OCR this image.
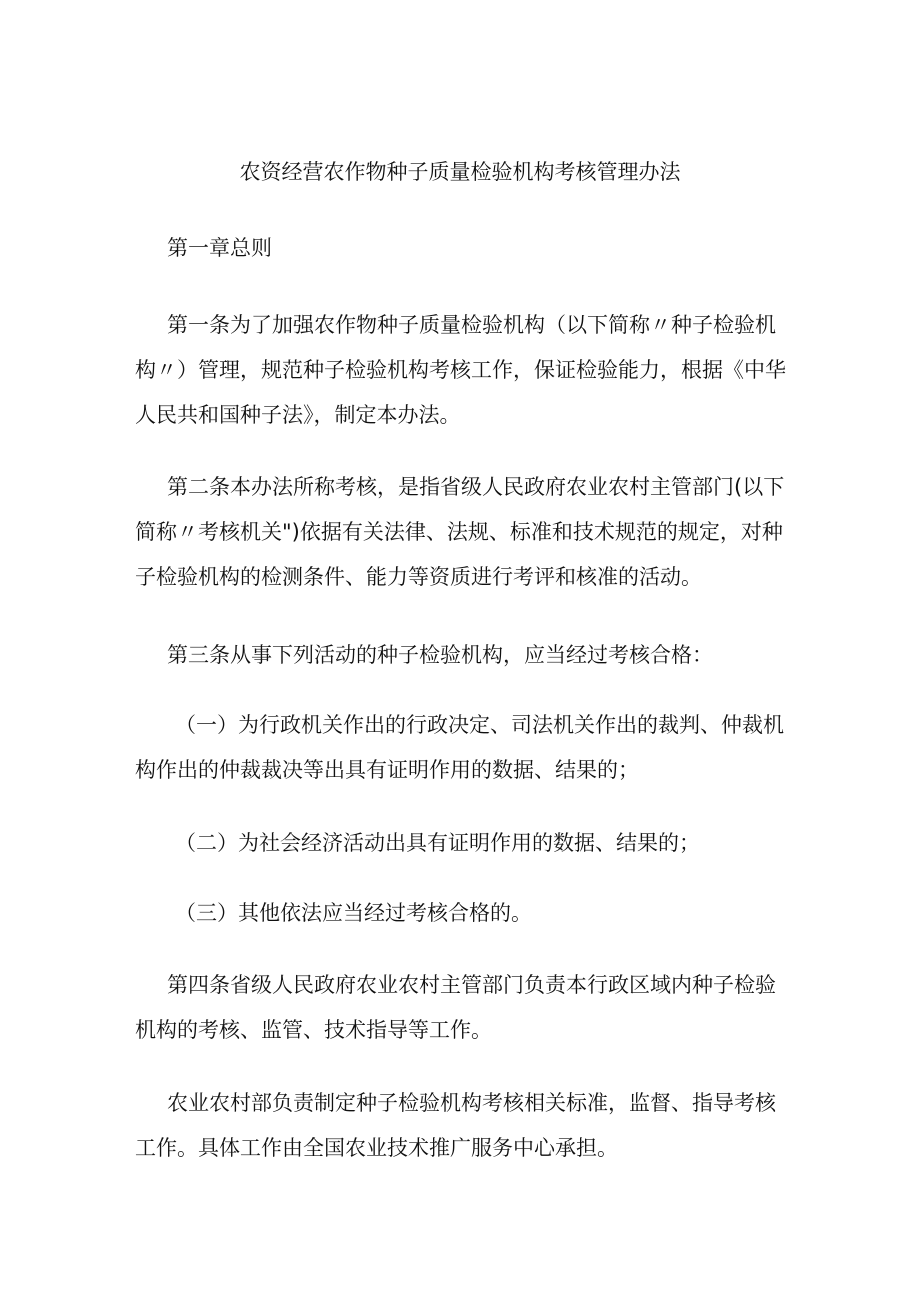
农资经营农作物种子质量检验机构考核管理办法

第一章总则

第一条为了加强农作物种子质量检验机构（以下简称〃种子检验机构〃）管理，规范种子检验机构考核工作，保证检验能力，根据《中华人民共和国种子法》，制定本办法。

第二条本办法所称考核，是指省级人民政府农业农村主管部门(以下简称〃考核机关")依据有关法律、法规、标准和技术规范的规定，对种子检验机构的检测条件、能力等资质进行考评和核准的活动。

第三条从事下列活动的种子检验机构，应当经过考核合格：

（一）为行政机关作出的行政决定、司法机关作出的裁判、仲裁机构作出的仲裁裁决等出具有证明作用的数据、结果的；

（二）为社会经济活动出具有证明作用的数据、结果的；

（三）其他依法应当经过考核合格的。

第四条省级人民政府农业农村主管部门负责本行政区域内种子检验机构的考核、监管、技术指导等工作。

农业农村部负责制定种子检验机构考核相关标准，监督、指导考核工作。具体工作由全国农业技术推广服务中心承担。
